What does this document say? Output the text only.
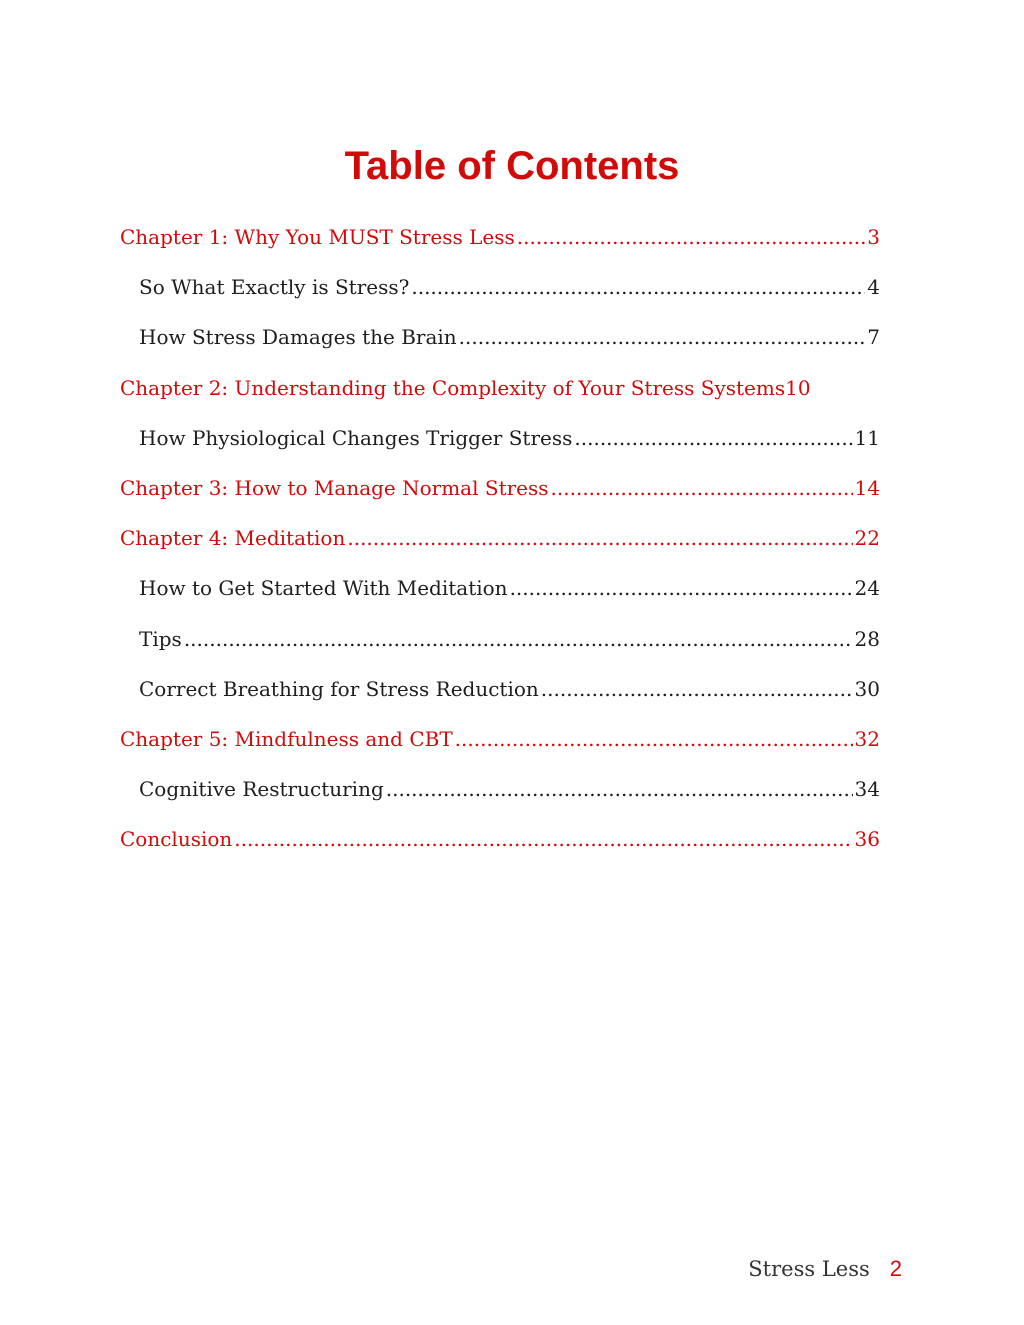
Table of Contents
Chapter 1: Why You MUST Stress Less .....	3
So What Exactly is Stress? .....	4
How Stress Damages the Brain .....	7
Chapter 2: Understanding the Complexity of Your Stress Systems 10
How Physiological Changes Trigger Stress .....	11
Chapter 3: How to Manage Normal Stress .....	14
Chapter 4: Meditation .....	22
How to Get Started With Meditation .....	24
Tips .....	28
Correct Breathing for Stress Reduction .....	30
Chapter 5: Mindfulness and CBT .....	32
Cognitive Restructuring .....	34
Conclusion .....	36
Stress Less 2
